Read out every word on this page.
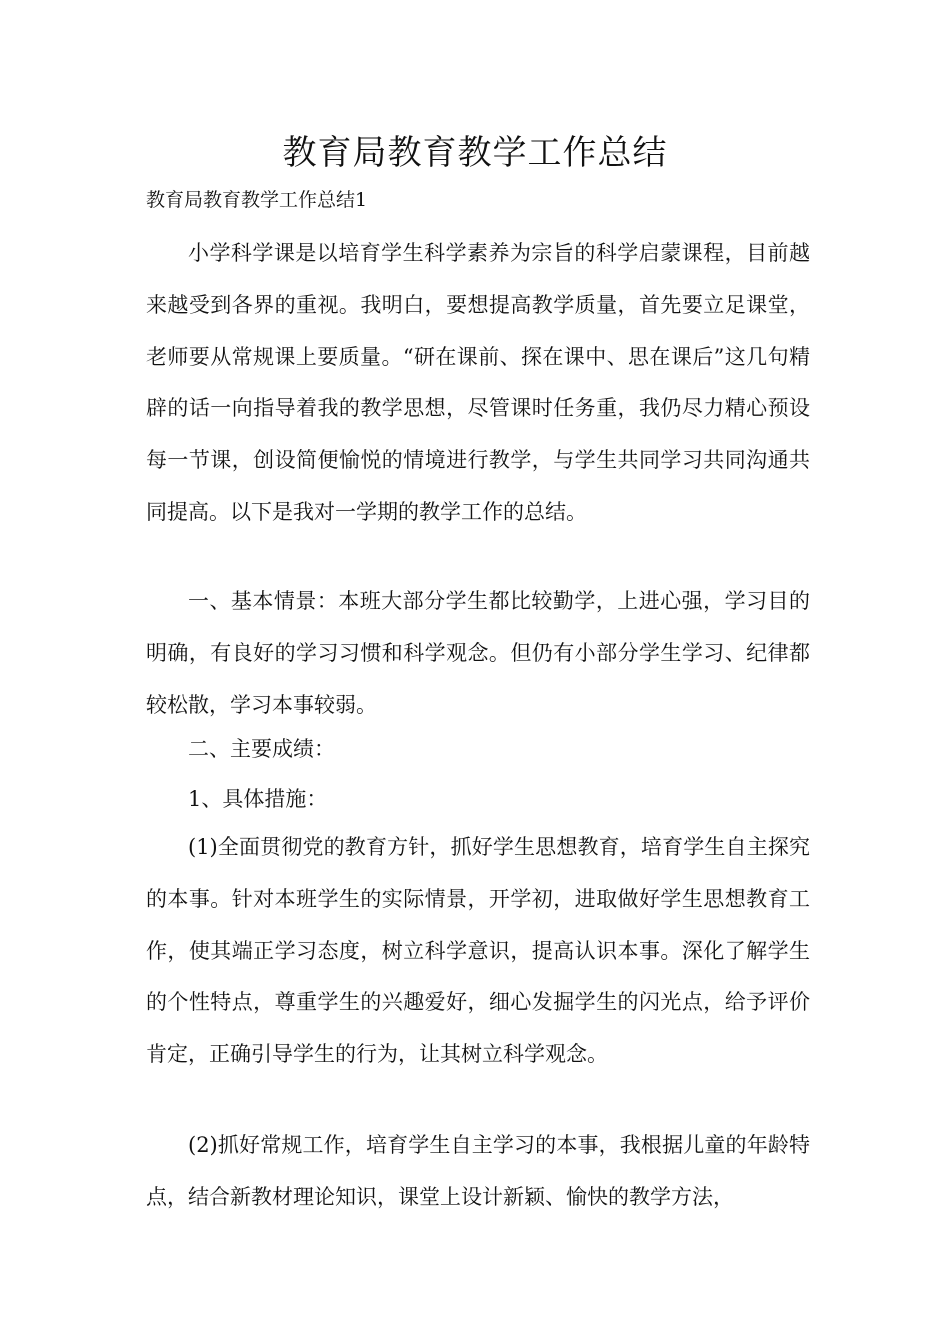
教育局教育教学工作总结
教育局教育教学工作总结1

小学科学课是以培育学生科学素养为宗旨的科学启蒙课程，目前越来越受到各界的重视。我明白，要想提高教学质量，首先要立足课堂，老师要从常规课上要质量。“研在课前、探在课中、思在课后”这几句精辟的话一向指导着我的教学思想，尽管课时任务重，我仍尽力精心预设每一节课，创设简便愉悦的情境进行教学，与学生共同学习共同沟通共同提高。以下是我对一学期的教学工作的总结。

一、基本情景：本班大部分学生都比较勤学，上进心强，学习目的明确，有良好的学习习惯和科学观念。但仍有小部分学生学习、纪律都较松散，学习本事较弱。

二、主要成绩：

1、具体措施：

(1)全面贯彻党的教育方针，抓好学生思想教育，培育学生自主探究的本事。针对本班学生的实际情景，开学初，进取做好学生思想教育工作，使其端正学习态度，树立科学意识，提高认识本事。深化了解学生的个性特点，尊重学生的兴趣爱好，细心发掘学生的闪光点，给予评价肯定，正确引导学生的行为，让其树立科学观念。

(2)抓好常规工作，培育学生自主学习的本事，我根据儿童的年龄特点，结合新教材理论知识，课堂上设计新颖、愉快的教学方法，
